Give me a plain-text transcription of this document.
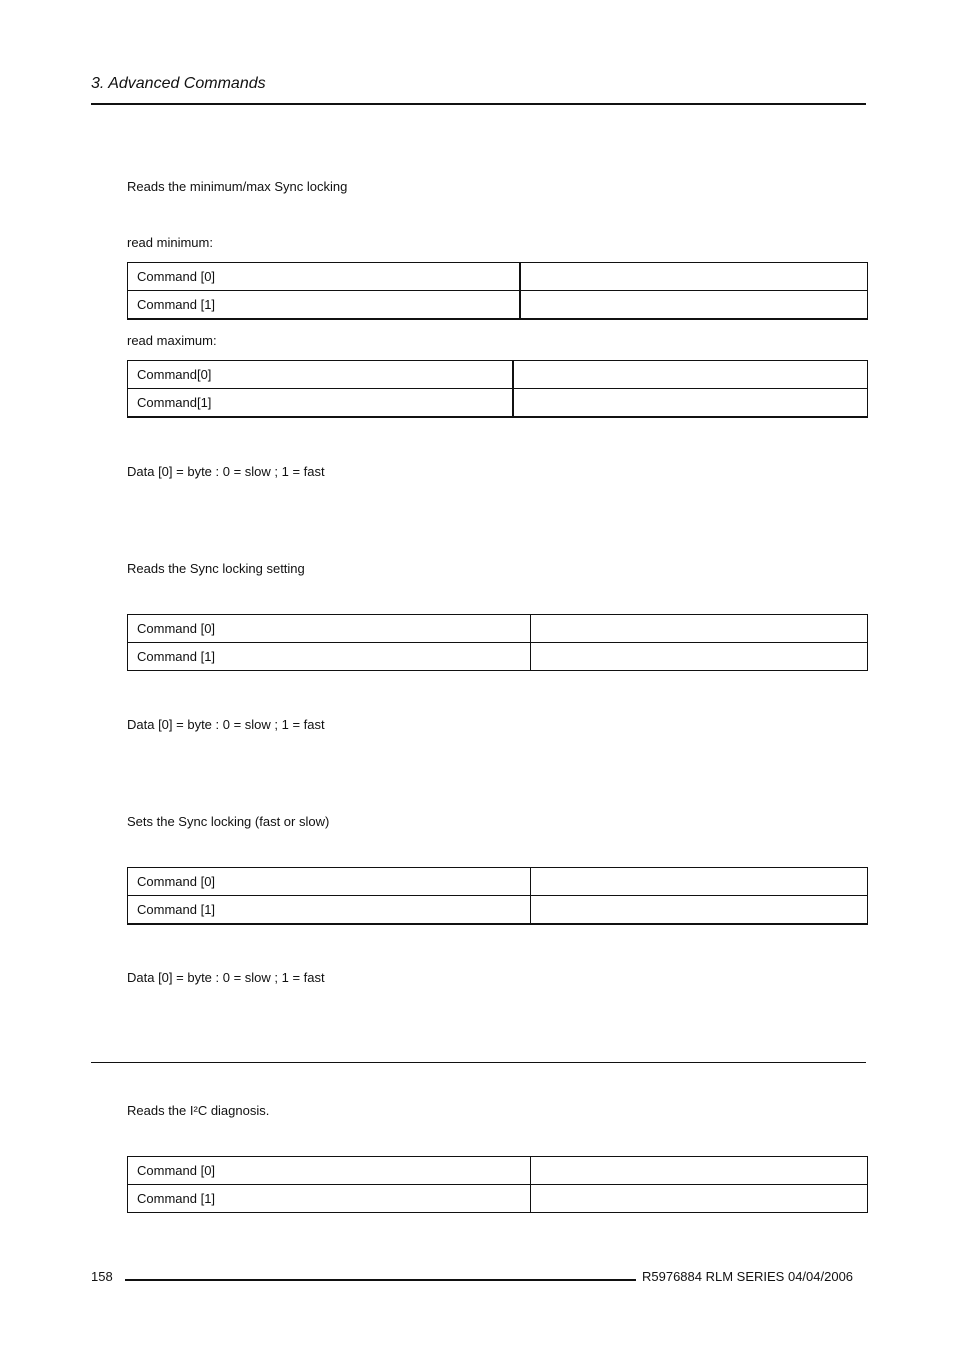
3. Advanced Commands
Reads the minimum/max Sync locking
read minimum:
Command [0]	
Command [1]	
read maximum:
Command[0]	
Command[1]	
Data [0] = byte : 0 = slow ; 1 = fast
Reads the Sync locking setting
Command [0]	
Command [1]	
Data [0] = byte : 0 = slow ; 1 = fast
Sets the Sync locking (fast or slow)
Command [0]	
Command [1]	
Data [0] = byte : 0 = slow ; 1 = fast
Reads the I²C diagnosis.
Command [0]	
Command [1]	
158	R5976884 RLM SERIES 04/04/2006
